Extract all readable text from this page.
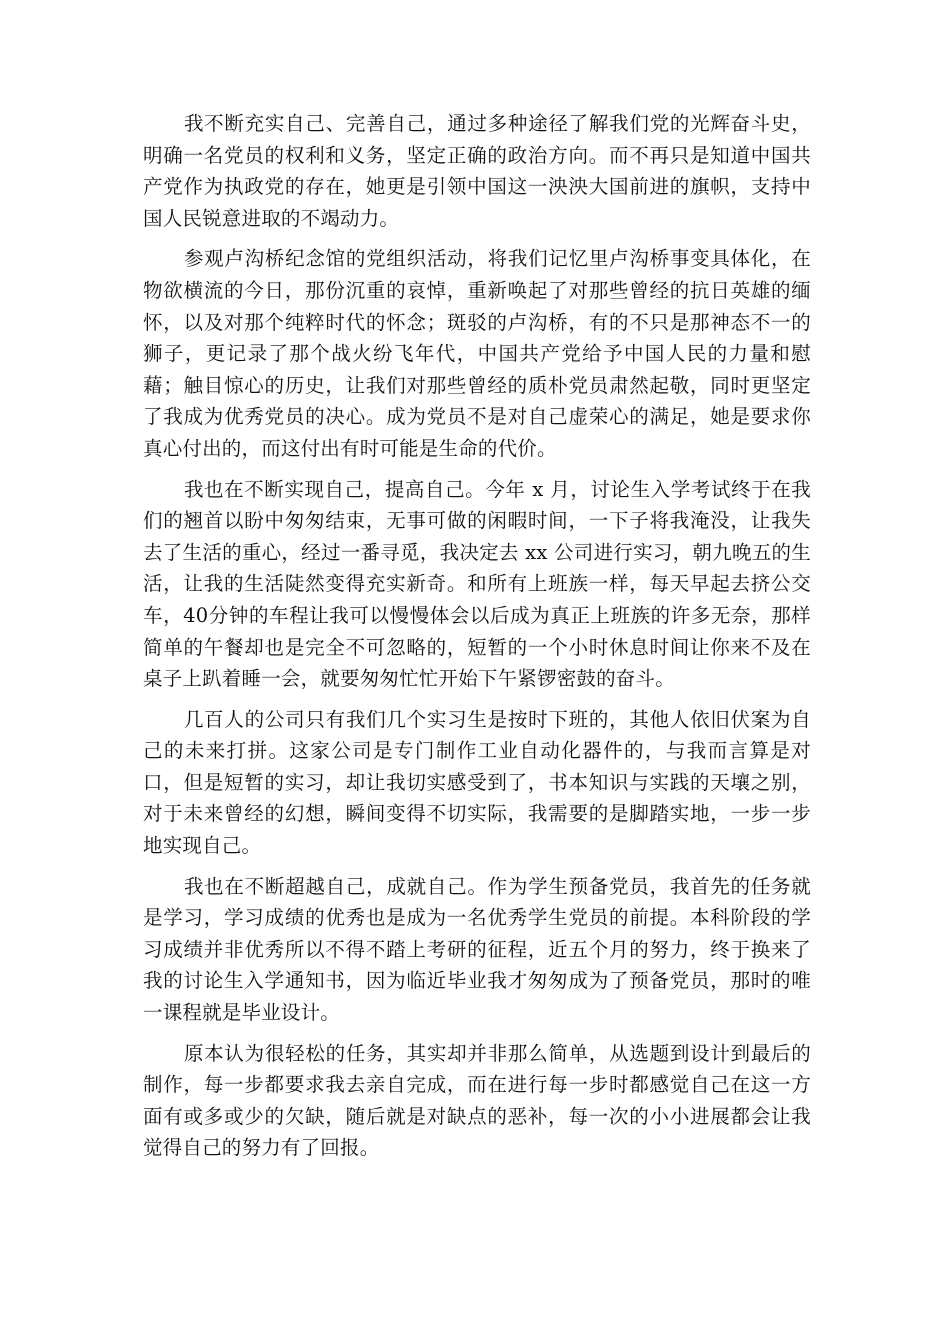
我不断充实自己、完善自己，通过多种途径了解我们党的光辉奋斗史，明确一名党员的权利和义务，坚定正确的政治方向。而不再只是知道中国共产党作为执政党的存在，她更是引领中国这一泱泱大国前进的旗帜，支持中国人民锐意进取的不竭动力。

参观卢沟桥纪念馆的党组织活动，将我们记忆里卢沟桥事变具体化，在物欲横流的今日，那份沉重的哀悼，重新唤起了对那些曾经的抗日英雄的缅怀，以及对那个纯粹时代的怀念；斑驳的卢沟桥，有的不只是那神态不一的狮子，更记录了那个战火纷飞年代，中国共产党给予中国人民的力量和慰藉；触目惊心的历史，让我们对那些曾经的质朴党员肃然起敬，同时更坚定了我成为优秀党员的决心。成为党员不是对自己虚荣心的满足，她是要求你真心付出的，而这付出有时可能是生命的代价。

我也在不断实现自己，提高自己。今年 x 月，讨论生入学考试终于在我们的翘首以盼中匆匆结束，无事可做的闲暇时间，一下子将我淹没，让我失去了生活的重心，经过一番寻觅，我决定去 xx 公司进行实习，朝九晚五的生活，让我的生活陡然变得充实新奇。和所有上班族一样，每天早起去挤公交车，40分钟的车程让我可以慢慢体会以后成为真正上班族的许多无奈，那样简单的午餐却也是完全不可忽略的，短暂的一个小时休息时间让你来不及在桌子上趴着睡一会，就要匆匆忙忙开始下午紧锣密鼓的奋斗。

几百人的公司只有我们几个实习生是按时下班的，其他人依旧伏案为自己的未来打拼。这家公司是专门制作工业自动化器件的，与我而言算是对口，但是短暂的实习，却让我切实感受到了，书本知识与实践的天壤之别，对于未来曾经的幻想，瞬间变得不切实际，我需要的是脚踏实地，一步一步地实现自己。

我也在不断超越自己，成就自己。作为学生预备党员，我首先的任务就是学习，学习成绩的优秀也是成为一名优秀学生党员的前提。本科阶段的学习成绩并非优秀所以不得不踏上考研的征程，近五个月的努力，终于换来了我的讨论生入学通知书，因为临近毕业我才匆匆成为了预备党员，那时的唯一课程就是毕业设计。

原本认为很轻松的任务，其实却并非那么简单，从选题到设计到最后的制作，每一步都要求我去亲自完成，而在进行每一步时都感觉自己在这一方面有或多或少的欠缺，随后就是对缺点的恶补，每一次的小小进展都会让我觉得自己的努力有了回报。
